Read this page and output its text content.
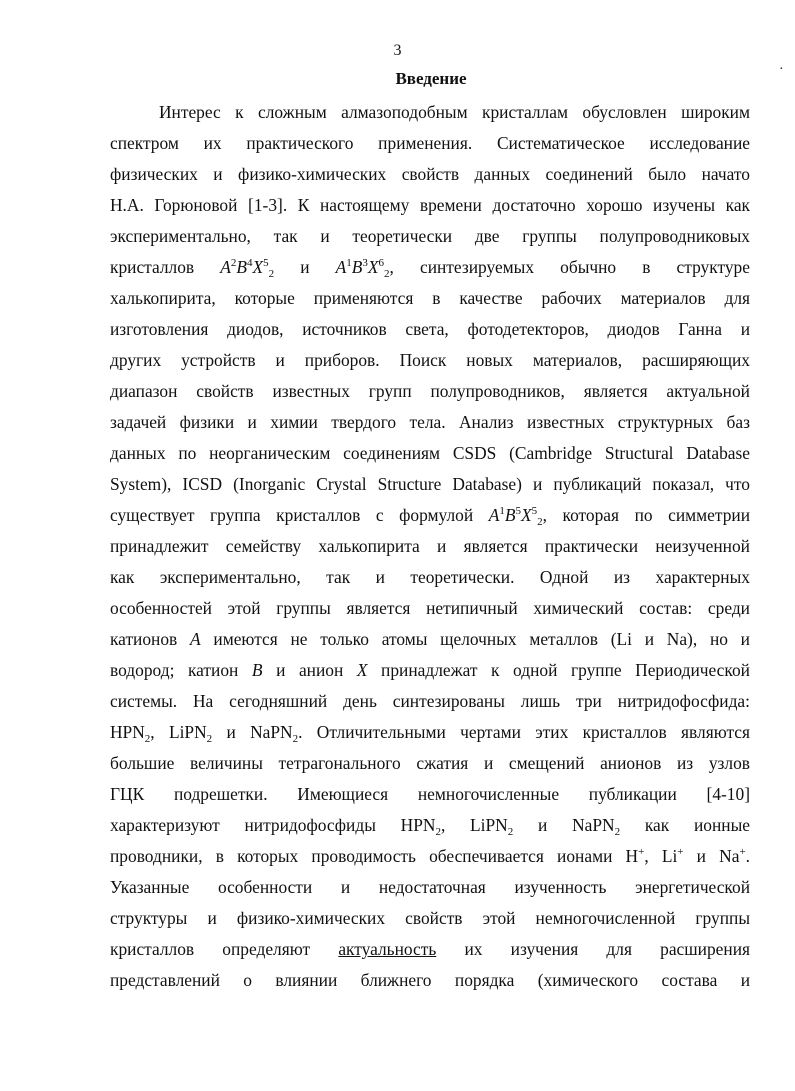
3
·
Введение
Интерес к сложным алмазоподобным кристаллам обусловлен широким
спектром их практического применения. Систематическое исследование
физических и физико-химических свойств данных соединений было начато
Н.А. Горюновой [1-3]. К настоящему времени достаточно хорошо изучены как
экспериментально, так и теоретически две группы полупроводниковых
кристаллов $A^2B^4X^5_2$ и $A^1B^3X^6_2$, синтезируемых обычно в структуре
халькопирита, которые применяются в качестве рабочих материалов для
изготовления диодов, источников света, фотодетекторов, диодов Ганна и
других устройств и приборов. Поиск новых материалов, расширяющих
диапазон свойств известных групп полупроводников, является актуальной
задачей физики и химии твердого тела. Анализ известных структурных баз
данных по неорганическим соединениям CSDS (Cambridge Structural Database
System), ICSD (Inorganic Crystal Structure Database) и публикаций показал, что
существует группа кристаллов с формулой $A^1B^5X^5_2$, которая по симметрии
принадлежит семейству халькопирита и является практически неизученной
как экспериментально, так и теоретически. Одной из характерных
особенностей этой группы является нетипичный химический состав: среди
катионов A имеются не только атомы щелочных металлов (Li и Na), но и
водород; катион B и анион X принадлежат к одной группе Периодической
системы. На сегодняшний день синтезированы лишь три нитридофосфида:
$HPN_2$, LiPN$_2$ и NaPN$_2$. Отличительными чертами этих кристаллов являются
большие величины тетрагонального сжатия и смещений анионов из узлов
ГЦК подрешетки. Имеющиеся немногочисленные публикации [4-10]
характеризуют нитридофосфиды $HPN_2$, LiPN$_2$ и NaPN$_2$ как ионные
проводники, в которых проводимость обеспечивается ионами H+, Li+ и Na+.
Указанные особенности и недостаточная изученность энергетической
структуры и физико-химических свойств этой немногочисленной группы
кристаллов определяют актуальность их изучения для расширения
представлений о влиянии ближнего порядка (химического состава и
